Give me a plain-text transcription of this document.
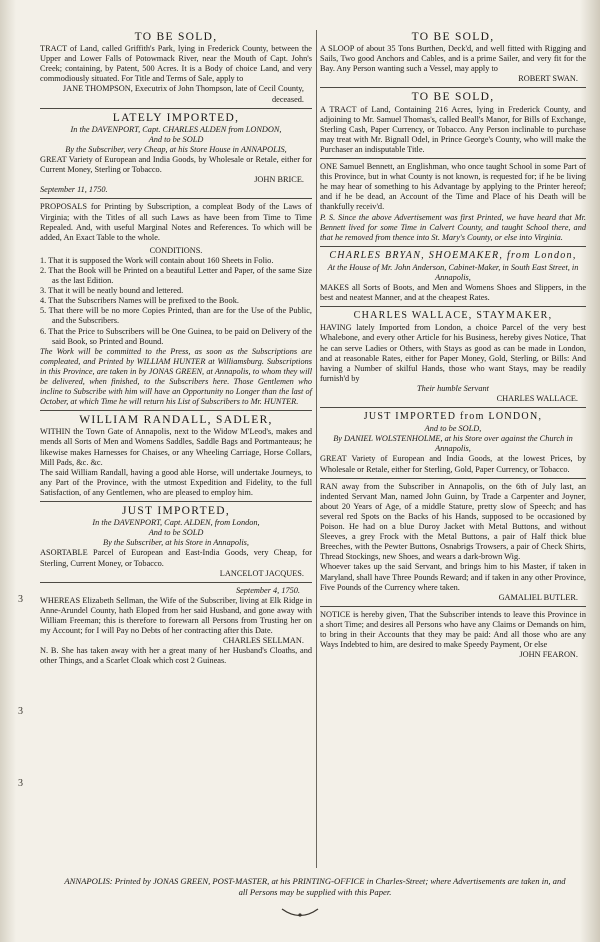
TO BE SOLD,

TRACT of Land, called Griffith's Park, lying in Frederick County, between the Upper and Lower Falls of Potowmack River, near the Mouth of Capt. John's Creek; containing, by Patent, 500 Acres. It is a Body of choice Land, and very commodiously situated. For Title and Terms of Sale, apply to

JANE THOMPSON, Executrix of John Thompson, late of Cecil County, deceased.
LATELY IMPORTED,
In the DAVENPORT, Capt. CHARLES ALDEN from LONDON,
And to be SOLD
By the Subscriber, very Cheap, at his Store House in ANNAPOLIS,

GREAT Variety of European and India Goods, by Wholesale or Retale, either for Current Money, Sterling or Tobacco.

JOHN BRICE.
September 11, 1750.

PROPOSALS for Printing by Subscription, a compleat Body of the Laws of Virginia; with the Titles of all such Laws as have been from Time to Time Repealed. And, with useful Marginal Notes and References. To which will be added, An Exact Table to the whole.

CONDITIONS.
1. That it is supposed the Work will contain about 160 Sheets in Folio.
2. That the Book will be Printed on a beautiful Letter and Paper, of the same Size as the last Edition.
3. That it will be neatly bound and lettered.
4. That the Subscribers Names will be prefixed to the Book.
5. That there will be no more Copies Printed, than are for the Use of the Public, and the Subscribers.
6. That the Price to Subscribers will be One Guinea, to be paid on Delivery of the said Book, so Printed and Bound.

The Work will be committed to the Press, as soon as the Subscriptions are compleated, and Printed by WILLIAM HUNTER at Williamsburg. Subscriptions in this Province, are taken in by JONAS GREEN, at Annapolis, to whom they will be delivered, when finished, to the Subscribers here. Those Gentlemen who incline to Subscribe with him will have an Opportunity no Longer than the last of October, at which Time he will return his List of Subscribers to Mr. HUNTER.

WILLIAM RANDALL, SADLER,

WITHIN the Town Gate of Annapolis, next to the Widow M'Leod's, makes and mends all Sorts of Men and Womens Saddles, Saddle Bags and Portmanteaus; he likewise makes Harnesses for Chaises, or any Wheeling Carriage, Horse Collars, Mill Pads, &c. &c.

The said William Randall, having a good able Horse, will undertake Journeys, to any Part of the Province, with the utmost Expedition and Fidelity, to the full Satisfaction, of any Gentlemen, who are pleased to employ him.

JUST IMPORTED,
In the DAVENPORT, Capt. ALDEN, from London,
And to be SOLD
By the Subscriber, at his Store in Annapolis,

ASORTABLE Parcel of European and East-India Goods, very Cheap, for Sterling, Current Money, or Tobacco.

LANCELOT JACQUES.
September 4, 1750.

WHEREAS Elizabeth Sellman, the Wife of the Subscriber, living at Elk Ridge in Anne-Arundel County, hath Eloped from her said Husband, and gone away with William Freeman; this is therefore to forewarn all Persons from Trusting her on my Account; for I will Pay no Debts of her contracting after this Date.

CHARLES SELLMAN.

N. B. She has taken away with her a great many of her Husband's Cloaths, and other Things, and a Scarlet Cloak which cost 2 Guineas.

3
3
3
TO BE SOLD,

A SLOOP of about 35 Tons Burthen, Deck'd, and well fitted with Rigging and Sails, Two good Anchors and Cables, and is a prime Sailer, and very fit for the Bay. Any Person wanting such a Vessel, may apply to

ROBERT SWAN.
TO BE SOLD,

A TRACT of Land, Containing 216 Acres, lying in Frederick County, and adjoining to Mr. Samuel Thomas's, called Beall's Manor, for Bills of Exchange, Sterling Cash, Paper Currency, or Tobacco. Any Person inclinable to purchase may treat with Mr. Bignall Odel, in Prince George's County, who will make the Purchaser an indisputable Title.

ONE Samuel Bennett, an Englishman, who once taught School in some Part of this Province, but in what County is not known, is requested for; if he be living he may hear of something to his Advantage by applying to the Printer hereof; and if he be dead, an Account of the Time and Place of his Death will be thankfully receiv'd.

P. S. Since the above Advertisement was first Printed, we have heard that Mr. Bennett lived for some Time in Calvert County, and taught School there, and that he removed from thence into St. Mary's County, or else into Virginia.

CHARLES BRYAN, SHOEMAKER, from London,
At the House of Mr. John Anderson, Cabinet-Maker, in South East Street, in Annapolis,

MAKES all Sorts of Boots, and Men and Womens Shoes and Slippers, in the best and neatest Manner, and at the cheapest Rates.

CHARLES WALLACE, STAYMAKER,

HAVING lately Imported from London, a choice Parcel of the very best Whalebone, and every other Article for his Business, hereby gives Notice, That he can serve Ladies or Others, with Stays as good as can be made in London, and at reasonable Rates, either for Paper Money, Gold, Sterling, or Bills: And having a Number of skilful Hands, those who want Stays, may be readily furnish'd by

Their humble Servant
CHARLES WALLACE.
JUST IMPORTED from LONDON,
And to be SOLD,
By DANIEL WOLSTENHOLME, at his Store over against the Church in Annapolis,

GREAT Variety of European and India Goods, at the lowest Prices, by Wholesale or Retale, either for Sterling, Gold, Paper Currency, or Tobacco.

RAN away from the Subscriber in Annapolis, on the 6th of July last, an indented Servant Man, named John Guinn, by Trade a Carpenter and Joyner, about 20 Years of Age, of a middle Stature, pretty slow of Speech; and has several red Spots on the Backs of his Hands, supposed to be occasioned by Poison. He had on a blue Duroy Jacket with Metal Buttons, and without Sleeves, a grey Frock with the Metal Buttons, a pair of Half thick blue Breeches, with the Pewter Buttons, Osnabrigs Trowsers, a pair of Check Shirts, Thread Stockings, new Shoes, and wears a dark-brown Wig.

Whoever takes up the said Servant, and brings him to his Master, if taken in Maryland, shall have Three Pounds Reward; and if taken in any other Province, Five Pounds of the Currency where taken.

GAMALIEL BUTLER.

NOTICE is hereby given, That the Subscriber intends to leave this Province in a short Time; and desires all Persons who have any Claims or Demands on him, to bring in their Accounts that they may be paid: And all those who are any Ways Indebted to him, are desired to make Speedy Payment, Or else

JOHN FEARON.
ANNAPOLIS: Printed by JONAS GREEN, POST-MASTER, at his PRINTING-OFFICE in Charles-Street; where Advertisements are taken in, and all Persons may be supplied with this Paper.
